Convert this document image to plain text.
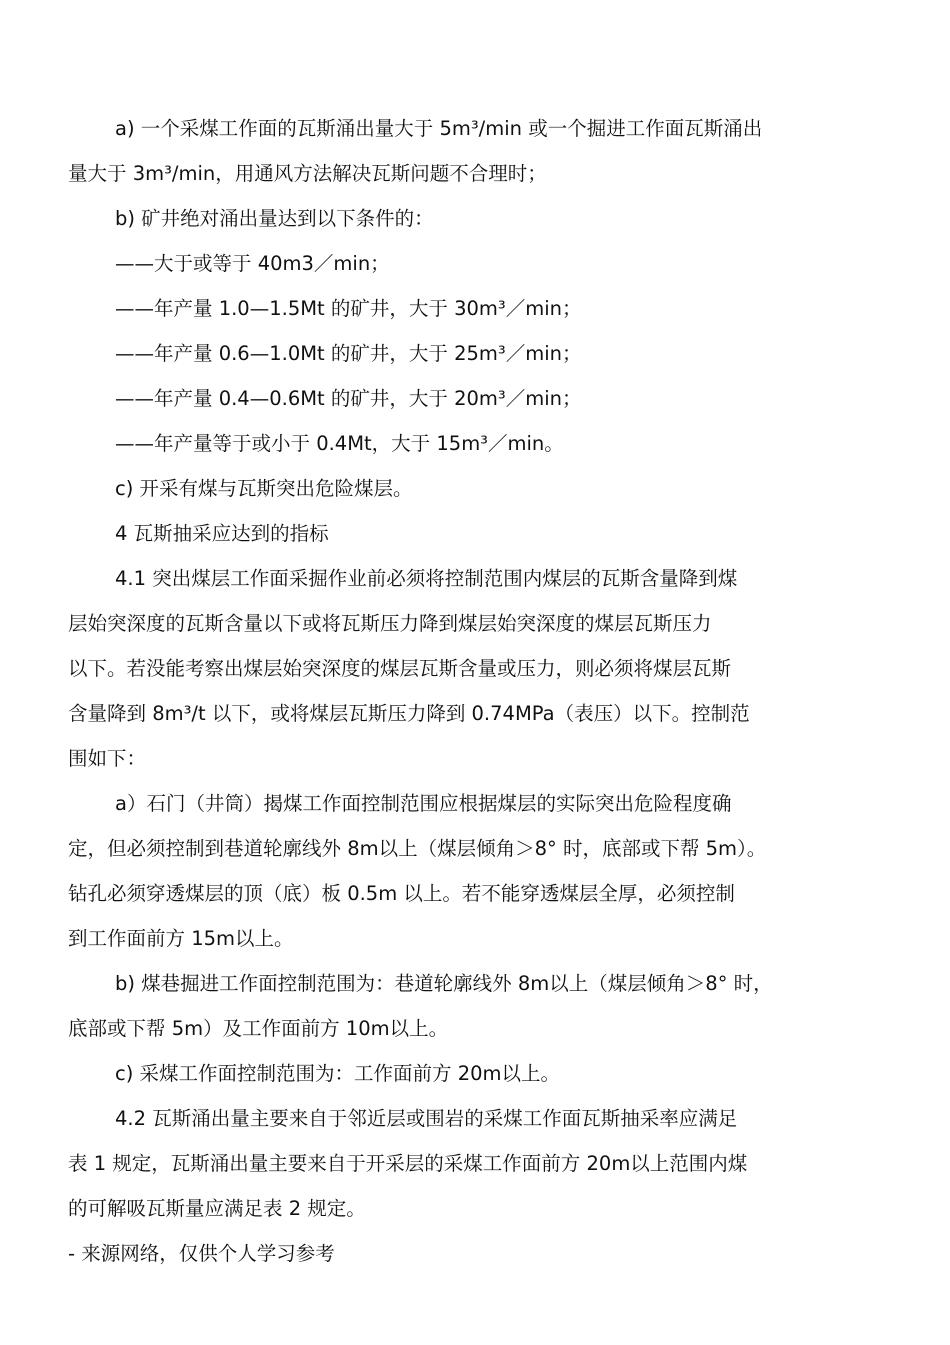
a) 一个采煤工作面的瓦斯涌出量大于 5m³/min 或一个掘进工作面瓦斯涌出
量大于 3m³/min，用通风方法解决瓦斯问题不合理时；
b) 矿井绝对涌出量达到以下条件的：
——大于或等于 40m3／min；
——年产量 1.0—1.5Mt 的矿井，大于 30m³／min；
——年产量 0.6—1.0Mt 的矿井，大于 25m³／min；
——年产量 0.4—0.6Mt 的矿井，大于 20m³／min；
——年产量等于或小于 0.4Mt，大于 15m³／min。
c) 开采有煤与瓦斯突出危险煤层。
4 瓦斯抽采应达到的指标
4.1 突出煤层工作面采掘作业前必须将控制范围内煤层的瓦斯含量降到煤
层始突深度的瓦斯含量以下或将瓦斯压力降到煤层始突深度的煤层瓦斯压力
以下。若没能考察出煤层始突深度的煤层瓦斯含量或压力，则必须将煤层瓦斯
含量降到 8m³/t 以下，或将煤层瓦斯压力降到 0.74MPa（表压）以下。控制范
围如下：
a）石门（井筒）揭煤工作面控制范围应根据煤层的实际突出危险程度确
定，但必须控制到巷道轮廓线外 8m以上（煤层倾角＞8° 时，底部或下帮 5m）。
钻孔必须穿透煤层的顶（底）板 0.5m 以上。若不能穿透煤层全厚，必须控制
到工作面前方 15m以上。
b) 煤巷掘进工作面控制范围为：巷道轮廓线外 8m以上（煤层倾角＞8° 时，
底部或下帮 5m）及工作面前方 10m以上。
c) 采煤工作面控制范围为：工作面前方 20m以上。
4.2 瓦斯涌出量主要来自于邻近层或围岩的采煤工作面瓦斯抽采率应满足
表 1 规定，瓦斯涌出量主要来自于开采层的采煤工作面前方 20m以上范围内煤
的可解吸瓦斯量应满足表 2 规定。
- 来源网络，仅供个人学习参考
